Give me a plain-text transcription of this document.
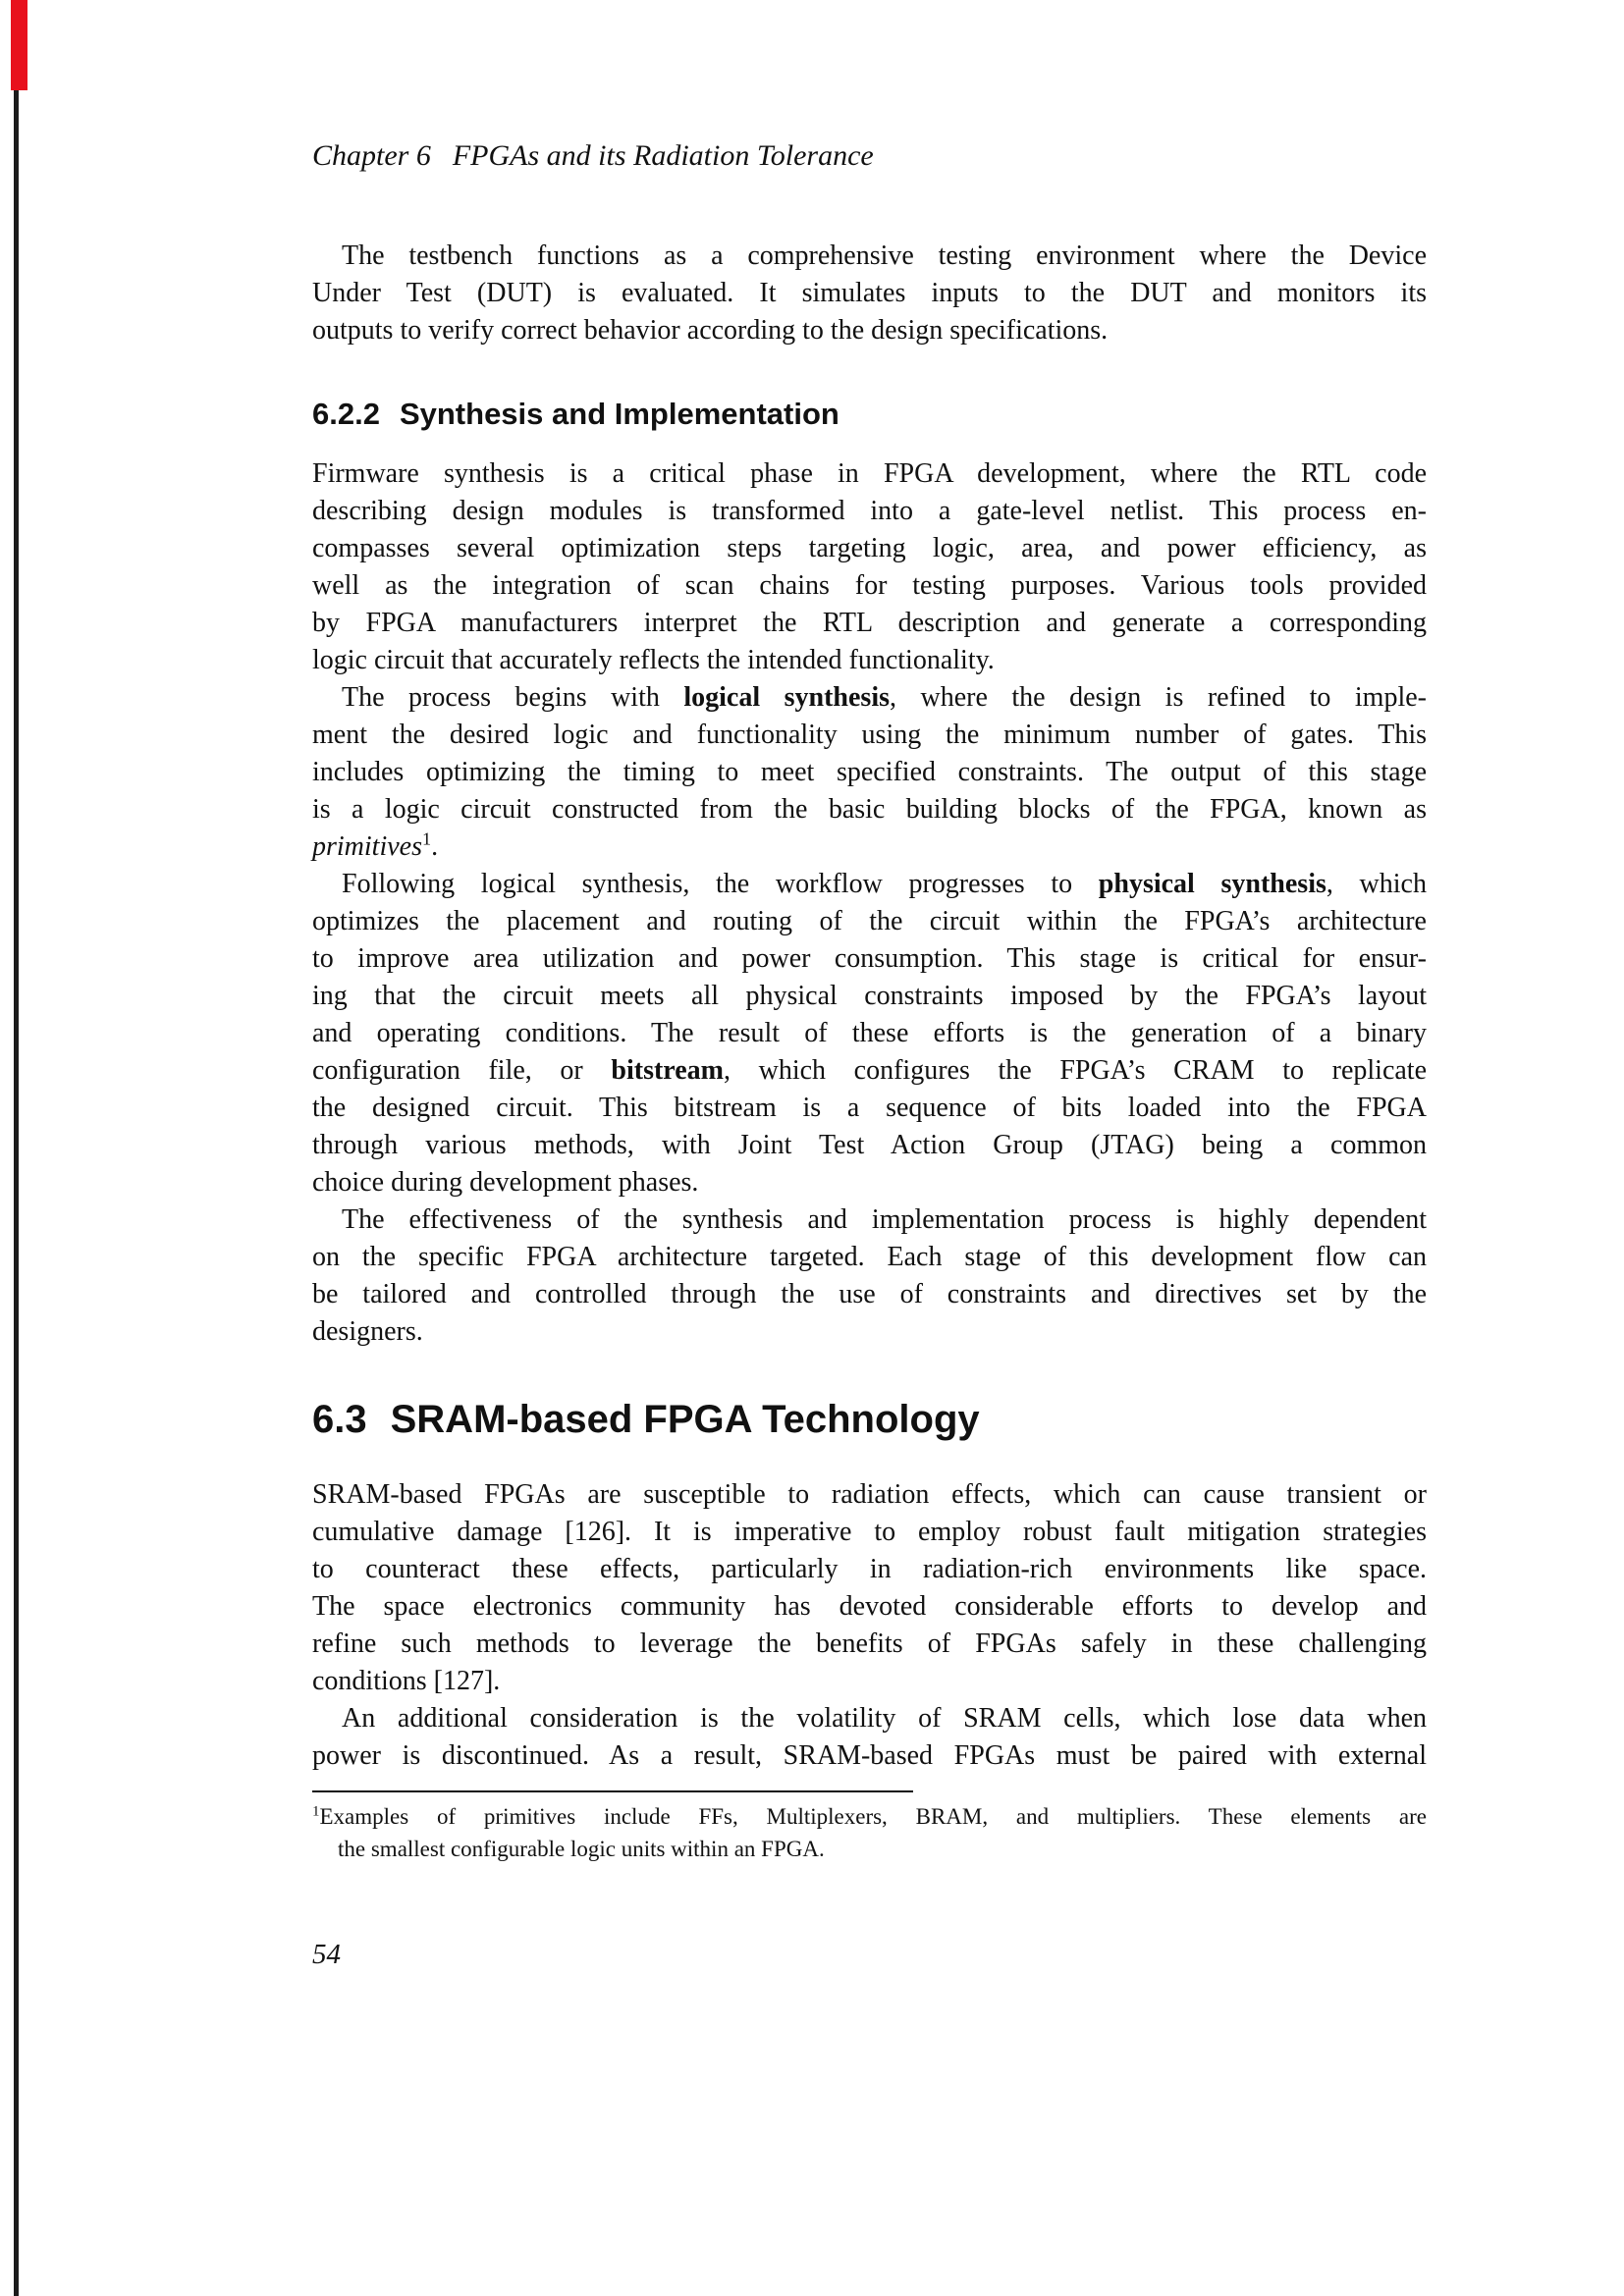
Chapter 6 FPGAs and its Radiation Tolerance
The testbench functions as a comprehensive testing environment where the Device
Under Test (DUT) is evaluated. It simulates inputs to the DUT and monitors its
outputs to verify correct behavior according to the design specifications.
6.2.2 Synthesis and Implementation
Firmware synthesis is a critical phase in FPGA development, where the RTL code
describing design modules is transformed into a gate-level netlist. This process en-
compasses several optimization steps targeting logic, area, and power efficiency, as
well as the integration of scan chains for testing purposes. Various tools provided
by FPGA manufacturers interpret the RTL description and generate a corresponding
logic circuit that accurately reflects the intended functionality.
The process begins with logical synthesis, where the design is refined to imple-
ment the desired logic and functionality using the minimum number of gates. This
includes optimizing the timing to meet specified constraints. The output of this stage
is a logic circuit constructed from the basic building blocks of the FPGA, known as
primitives$^1$.
Following logical synthesis, the workflow progresses to physical synthesis, which
optimizes the placement and routing of the circuit within the FPGA’s architecture
to improve area utilization and power consumption. This stage is critical for ensur-
ing that the circuit meets all physical constraints imposed by the FPGA’s layout
and operating conditions. The result of these efforts is the generation of a binary
configuration file, or bitstream, which configures the FPGA’s CRAM to replicate
the designed circuit. This bitstream is a sequence of bits loaded into the FPGA
through various methods, with Joint Test Action Group (JTAG) being a common
choice during development phases.
The effectiveness of the synthesis and implementation process is highly dependent
on the specific FPGA architecture targeted. Each stage of this development flow can
be tailored and controlled through the use of constraints and directives set by the
designers.
6.3 SRAM-based FPGA Technology
SRAM-based FPGAs are susceptible to radiation effects, which can cause transient or
cumulative damage [126]. It is imperative to employ robust fault mitigation strategies
to counteract these effects, particularly in radiation-rich environments like space.
The space electronics community has devoted considerable efforts to develop and
refine such methods to leverage the benefits of FPGAs safely in these challenging
conditions [127].
An additional consideration is the volatility of SRAM cells, which lose data when
power is discontinued. As a result, SRAM-based FPGAs must be paired with external
$^1$Examples of primitives include FFs, Multiplexers, BRAM, and multipliers. These elements are
the smallest configurable logic units within an FPGA.
54
